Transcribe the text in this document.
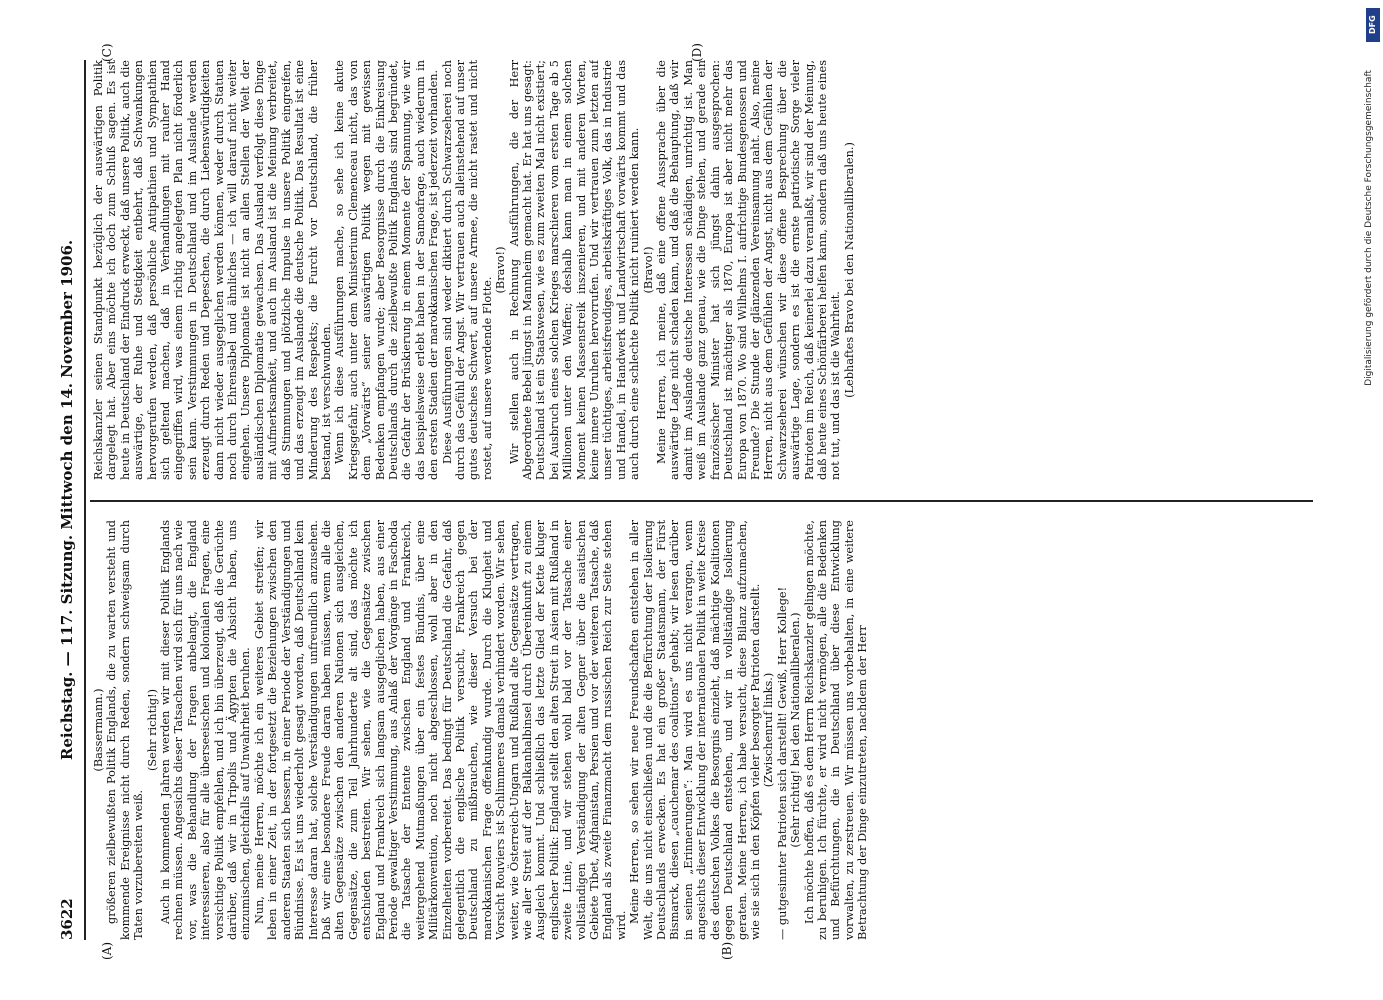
3622
Reichstag. — 117. Sitzung. Mittwoch den 14. November 1906.
(A)	(B)
(C)	(D)

(Bassermann.) größeren zielbewußten Politik Englands, die zu warten versteht und kommende Ereignisse nicht durch Reden, sondern schweigsam durch Taten vorzubereiten weiß.

(Sehr richtig!) Auch in kommenden Jahren werden wir mit dieser Politik Englands rechnen müssen. Angesichts dieser Tatsachen wird sich für uns nach wie vor, was die Behandlung der Fragen anbelangt, die England interessieren, also für alle überseeischen und kolonialen Fragen, eine vorsichtige Politik empfehlen, und ich bin überzeugt, daß die Gerüchte darüber, daß wir in Tripolis und Ägypten die Absicht haben, uns einzumischen, gleichfalls auf Unwahrheit beruhen. Nun, meine Herren, möchte ich ein weiteres Gebiet streifen; wir leben in einer Zeit, in der fortgesetzt die Beziehungen zwischen den anderen Staaten sich bessern, in einer Periode der Verständigungen und Bündnisse. Es ist uns wiederholt gesagt worden, daß Deutschland kein Interesse daran hat, solche Verständigungen unfreundlich anzusehen. Daß wir eine besondere Freude daran haben müssen, wenn alle die alten Gegensätze zwischen den anderen Nationen sich ausgleichen, Gegensätze, die zum Teil Jahrhunderte alt sind, das möchte ich entschieden bestreiten. Wir sehen, wie die Gegensätze zwischen England und Frankreich sich langsam ausgeglichen haben, aus einer Periode gewaltiger Verstimmung, aus Anlaß der Vorgänge in Faschoda die Tatsache der Entente zwischen England und Frankreich, weitergehend Mutmaßungen über ein festes Bündnis, über eine Militärkonvention, noch nicht abgeschlossen, wohl aber in den Einzelheiten vorbereitet. Das bedingt für Deutschland die Gefahr, daß gelegentlich die englische Politik versucht, Frankreich gegen Deutschland zu mißbrauchen, wie dieser Versuch bei der marokkanischen Frage offenkundig wurde. Durch die Klugheit und Vorsicht Rouviers ist Schlimmeres damals verhindert worden. Wir sehen weiter, wie Österreich-Ungarn und Rußland alte Gegensätze vertragen, wie aller Streit auf der Balkanhalbinsel durch Übereinkunft zu einem Ausgleich kommt. Und schließlich das letzte Glied der Kette kluger englischer Politik: England stellt den alten Streit in Asien mit Rußland in zweite Linie, und wir stehen wohl bald vor der Tatsache einer vollständigen Verständigung der alten Gegner über die asiatischen Gebiete Tibet, Afghanistan, Persien und vor der weiteren Tatsache, daß England als zweite Finanzmacht dem russischen Reich zur Seite stehen wird.

Meine Herren, so sehen wir neue Freundschaften entstehen in aller Welt, die uns nicht einschließen und die die Befürchtung der Isolierung Deutschlands erwecken. Es hat ein großer Staatsmann, der Fürst Bismarck, diesen „cauchemar des coalitions“ gehabt; wir lesen darüber in seinen „Erinnerungen“: Man wird es uns nicht verargen, wenn angesichts dieser Entwicklung der internationalen Politik in weite Kreise des deutschen Volkes die Besorgnis einzieht, daß mächtige Koalitionen gegen Deutschland entstehen, und wir in vollständige Isolierung geraten. Meine Herren, ich habe versucht, diese Bilanz aufzumachen, wie sie sich in den Köpfen vieler besorgter Patrioten darstellt. (Zwischenruf links.) — gutgesinnter Patrioten sich darstellt! Gewiß, Herr Kollege! (Sehr richtig! bei den Nationalliberalen.) Ich möchte hoffen, daß es dem Herrn Reichskanzler gelingen möchte, zu beruhigen. Ich fürchte, er wird nicht vermögen, alle die Bedenken und Befürchtungen, die in Deutschland über diese Entwicklung vorwalten, zu zerstreuen. Wir müssen uns vorbehalten, in eine weitere Betrachtung der Dinge einzutreten, nachdem der Herr

Reichskanzler seinen Standpunkt bezüglich der auswärtigen Politik dargelegt hat. Aber eins möchte ich doch zum Schluß sagen. Es ist heute in Deutschland der Eindruck erweckt, daß unsere Politik, auch die auswärtige, der Ruhe und Stetigkeit entbehrt, daß Schwankungen hervorgerufen werden, daß persönliche Antipathien und Sympathien sich geltend machen, daß in Verhandlungen mit rauher Hand eingegriffen wird, was einem richtig angelegten Plan nicht förderlich sein kann. Verstimmungen in Deutschland und im Auslande werden erzeugt durch Reden und Depeschen, die durch Liebenswürdigkeiten dann nicht wieder ausgeglichen werden können, weder durch Statuen noch durch Ehrensäbel und ähnliches — ich will darauf nicht weiter eingehen. Unsere Diplomatie ist nicht an allen Stellen der Welt der ausländischen Diplomatie gewachsen. Das Ausland verfolgt diese Dinge mit Aufmerksamkeit, und auch im Ausland ist die Meinung verbreitet, daß Stimmungen und plötzliche Impulse in unsere Politik eingreifen, und das erzeugt im Auslande die deutsche Politik. Das Resultat ist eine Minderung des Respekts; die Furcht vor Deutschland, die früher bestand, ist verschwunden. Wenn ich diese Ausführungen mache, so sehe ich keine akute Kriegsgefahr, auch unter dem Ministerium Clemenceau nicht, das von dem „Vorwärts“ seiner auswärtigen Politik wegen mit gewissen Bedenken empfangen wurde; aber Besorgnisse durch die Einkreisung Deutschlands durch die zielbewußte Politik Englands sind begründet, die Gefahr der Brüskierung in einem Momente der Spannung, wie wir das beispielsweise erlebt haben in der Samoafrage, auch wiederum in den ersten Stadien der marokkanischen Frage, ist jederzeit vorhanden. Diese Ausführungen sind weder diktiert durch Schwarzseherei noch durch das Gefühl der Angst. Wir vertrauen auch alleinstehend auf unser gutes deutsches Schwert, auf unsere Armee, die nicht rastet und nicht rostet, auf unsere werdende Flotte.

(Bravo!) Wir stellen auch in Rechnung Ausführungen, die der Herr Abgeordnete Bebel jüngst in Mannheim gemacht hat. Er hat uns gesagt: Deutschland ist ein Staatswesen, wie es zum zweiten Mal nicht existiert; bei Ausbruch eines solchen Krieges marschieren vom ersten Tage ab 5 Millionen unter den Waffen; deshalb kann man in einem solchen Moment keinen Massenstreik inszenieren, und mit anderen Worten, keine innere Unruhen hervorrufen. Und wir vertrauen zum letzten auf unser tüchtiges, arbeitsfreudiges, arbeitskräftiges Volk, das in Industrie und Handel, in Handwerk und Landwirtschaft vorwärts kommt und das auch durch eine schlechte Politik nicht ruiniert werden kann. (Bravo!) Meine Herren, ich meine, daß eine offene Aussprache über die auswärtige Lage nicht schaden kann, und daß die Behauptung, daß wir damit im Auslande deutsche Interessen schädigen, unrichtig ist. Man weiß im Auslande ganz genau, wie die Dinge stehen, und gerade ein französischer Minister hat sich jüngst dahin ausgesprochen: Deutschland ist mächtiger als 1870, Europa ist aber nicht mehr das Europa von 1870. Wo sind Wilhelms I. aufrichtige Bundesgenossen und Freunde? Die Stunde der glänzenden Vereinsamung naht. Also, meine Herren, nicht aus dem Gefühlen der Angst, nicht aus dem Gefühlen der Schwarzseherei wünschen wir diese offene Besprechung über die auswärtige Lage, sondern es ist die ernste patriotische Sorge vieler Patrioten im Reich, daß keinerlei dazu veranlaßt, wir sind der Meinung, daß heute eines Schönfärberei helfen kann, sondern daß uns heute eines not tut, und das ist die Wahrheit. (Lebhaftes Bravo bei den Nationalliberalen.)

DFG
Digitalisierung gefördert durch die Deutsche Forschungsgemeinschaft
